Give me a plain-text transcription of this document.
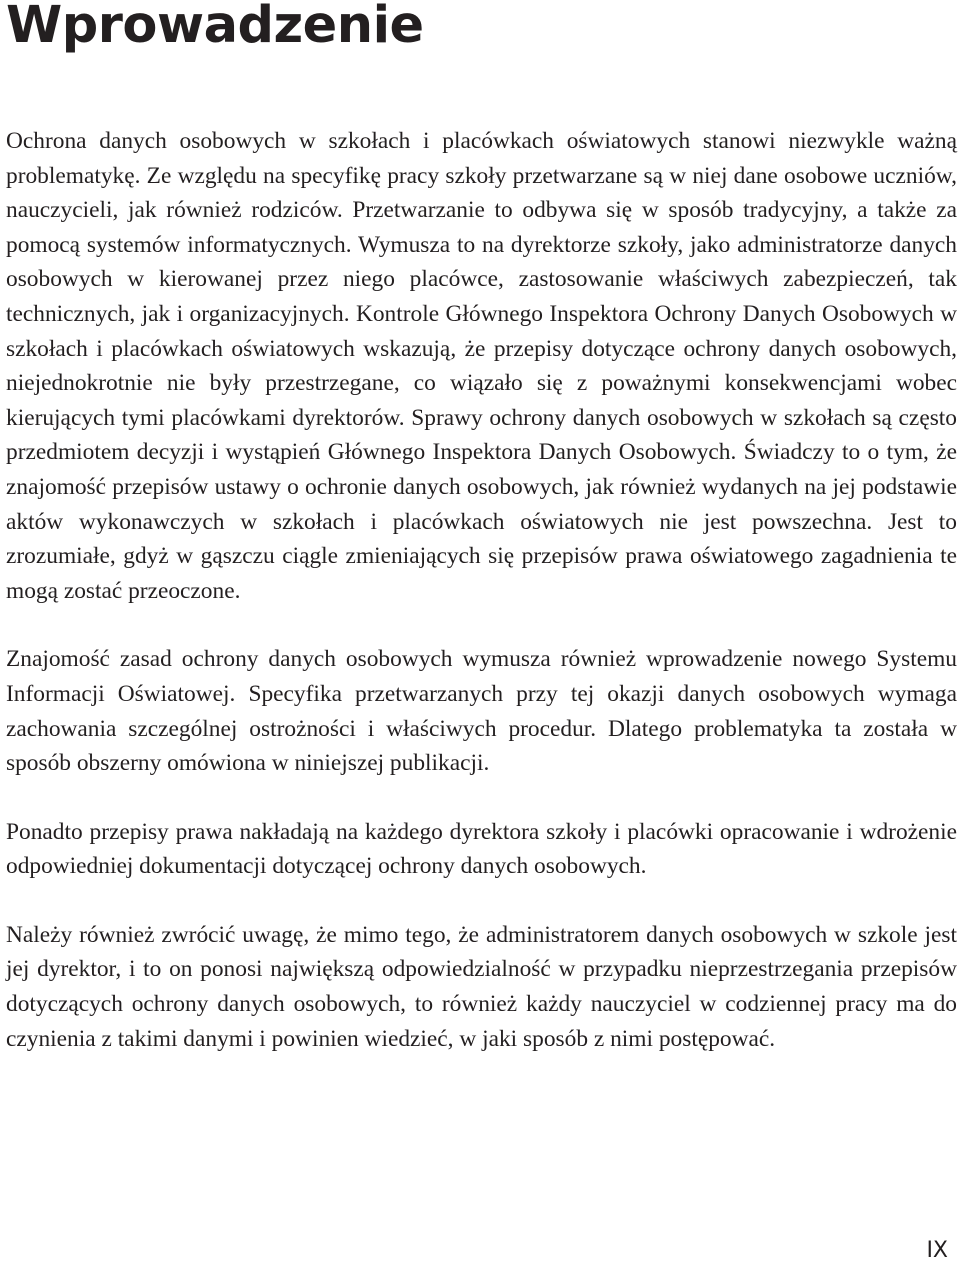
Wprowadzenie

Ochrona danych osobowych w szkołach i placówkach oświatowych stanowi niezwykle ważną problematykę. Ze względu na specyfikę pracy szkoły przetwarzane są w niej dane osobowe uczniów, nauczycieli, jak również rodziców. Przetwarzanie to odbywa się w sposób tradycyjny, a także za pomocą systemów informatycznych. Wymusza to na dyrektorze szkoły, jako administratorze danych osobowych w kierowanej przez niego placówce, zastosowanie właściwych zabezpieczeń, tak technicznych, jak i organizacyjnych. Kontrole Głównego Inspektora Ochrony Danych Osobowych w szkołach i placówkach oświatowych wskazują, że przepisy dotyczące ochrony danych osobowych, niejednokrotnie nie były przestrzegane, co wiązało się z poważnymi konsekwencjami wobec kierujących tymi placówkami dyrektorów. Sprawy ochrony danych osobowych w szkołach są często przedmiotem decyzji i wystąpień Głównego Inspektora Danych Osobowych. Świadczy to o tym, że znajomość przepisów ustawy o ochronie danych osobowych, jak również wydanych na jej podstawie aktów wykonawczych w szkołach i placówkach oświatowych nie jest powszechna. Jest to zrozumiałe, gdyż w gąszczu ciągle zmieniających się przepisów prawa oświatowego zagadnienia te mogą zostać przeoczone.

Znajomość zasad ochrony danych osobowych wymusza również wprowadzenie nowego Systemu Informacji Oświatowej. Specyfika przetwarzanych przy tej okazji danych osobowych wymaga zachowania szczególnej ostrożności i właściwych procedur. Dlatego problematyka ta została w sposób obszerny omówiona w niniejszej publikacji.

Ponadto przepisy prawa nakładają na każdego dyrektora szkoły i placówki opracowanie i wdrożenie odpowiedniej dokumentacji dotyczącej ochrony danych osobowych.

Należy również zwrócić uwagę, że mimo tego, że administratorem danych osobowych w szkole jest jej dyrektor, i to on ponosi największą odpowiedzialność w przypadku nieprzestrzegania przepisów dotyczących ochrony danych osobowych, to również każdy nauczyciel w codziennej pracy ma do czynienia z takimi danymi i powinien wiedzieć, w jaki sposób z nimi postępować.

IX
